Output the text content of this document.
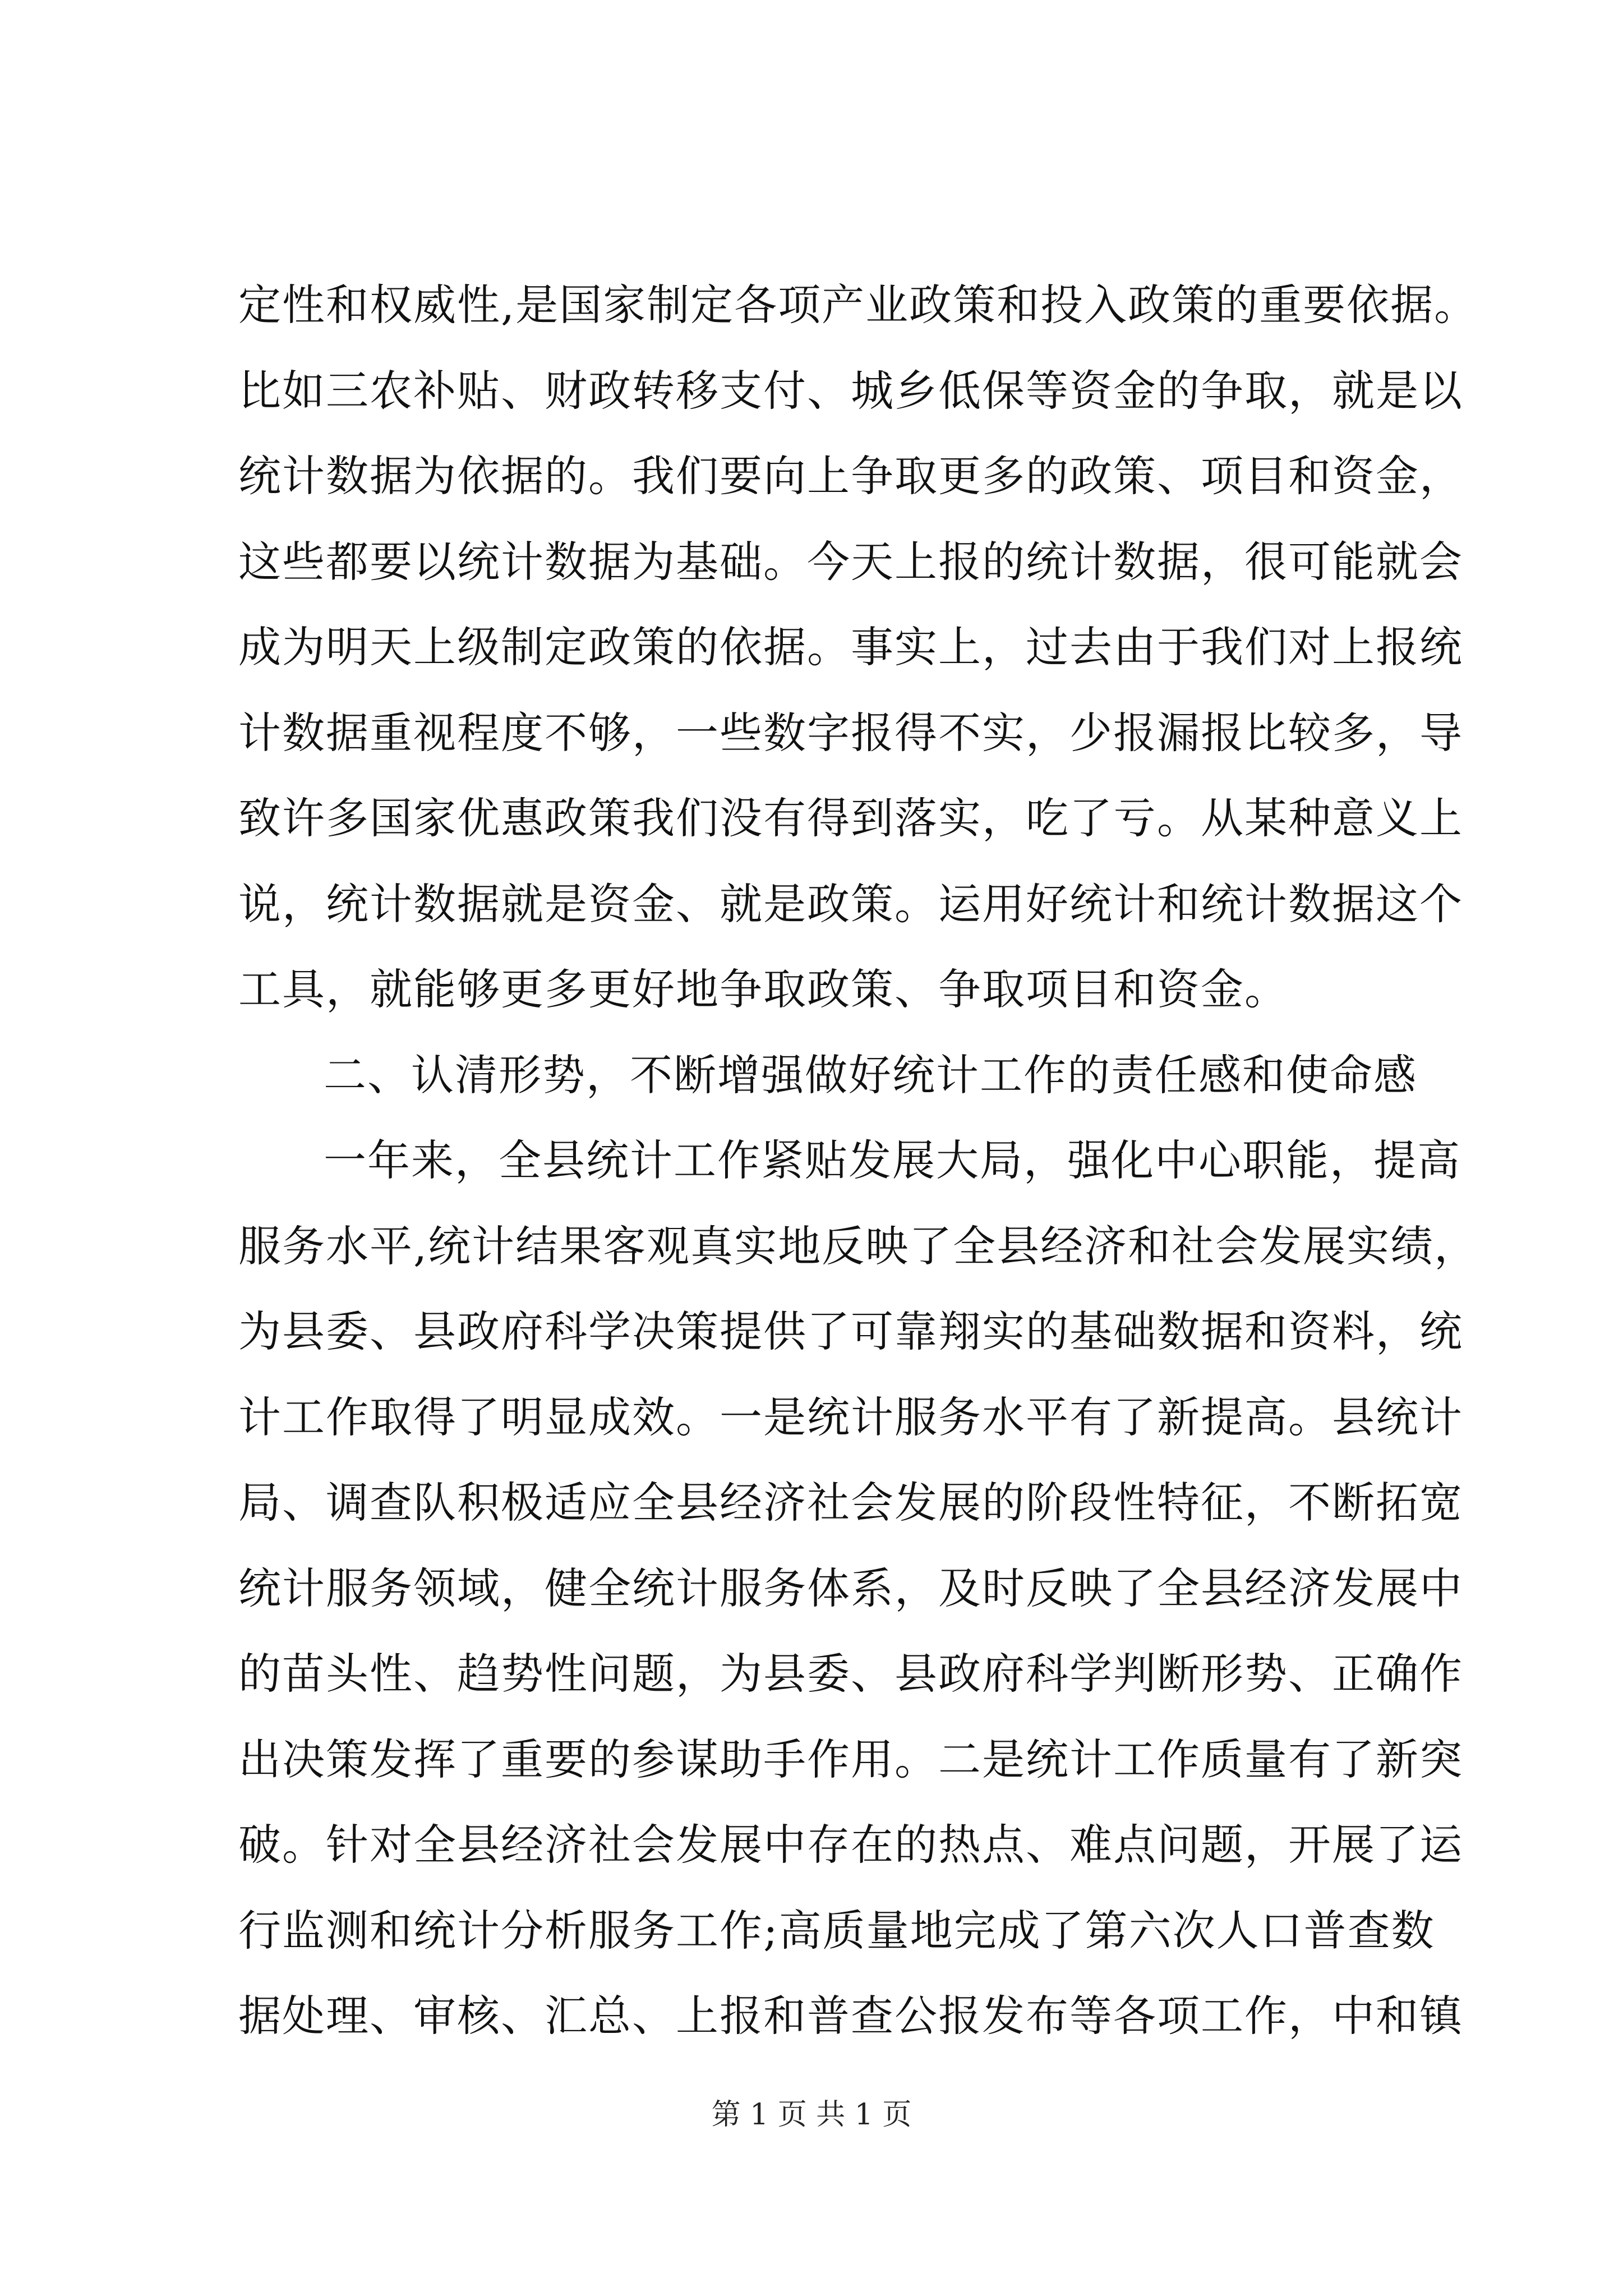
定性和权威性,是国家制定各项产业政策和投入政策的重要依据。
比如三农补贴、财政转移支付、城乡低保等资金的争取，就是以
统计数据为依据的。我们要向上争取更多的政策、项目和资金，
这些都要以统计数据为基础。今天上报的统计数据，很可能就会
成为明天上级制定政策的依据。事实上，过去由于我们对上报统
计数据重视程度不够，一些数字报得不实，少报漏报比较多，导
致许多国家优惠政策我们没有得到落实，吃了亏。从某种意义上
说，统计数据就是资金、就是政策。运用好统计和统计数据这个
工具，就能够更多更好地争取政策、争取项目和资金。
二、认清形势，不断增强做好统计工作的责任感和使命感
一年来，全县统计工作紧贴发展大局，强化中心职能，提高
服务水平,统计结果客观真实地反映了全县经济和社会发展实绩，
为县委、县政府科学决策提供了可靠翔实的基础数据和资料，统
计工作取得了明显成效。一是统计服务水平有了新提高。县统计
局、调查队积极适应全县经济社会发展的阶段性特征，不断拓宽
统计服务领域，健全统计服务体系，及时反映了全县经济发展中
的苗头性、趋势性问题，为县委、县政府科学判断形势、正确作
出决策发挥了重要的参谋助手作用。二是统计工作质量有了新突
破。针对全县经济社会发展中存在的热点、难点问题，开展了运
行监测和统计分析服务工作;高质量地完成了第六次人口普查数
据处理、审核、汇总、上报和普查公报发布等各项工作，中和镇
第 1 页 共 1 页
